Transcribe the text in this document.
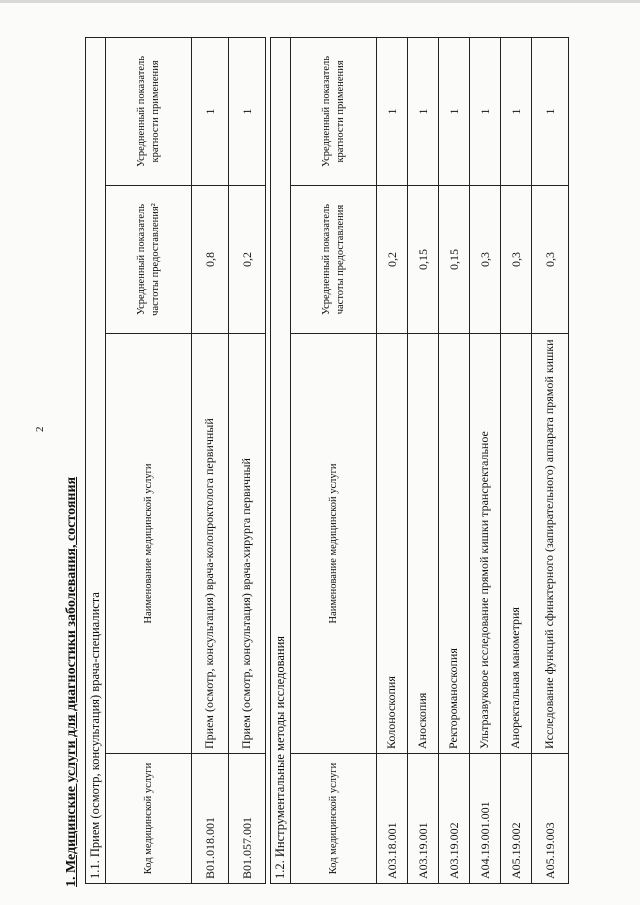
2
1. Медицинские услуги для диагностики заболевания, состояния 1.1. Прием (осмотр, консультация) врача-специалиста			
Код медицинской услуги	Наименование медицинской услуги	Усредненный показатель частоты предоставления²	Усредненный показатель кратности применения
B01.018.001	Прием (осмотр, консультация) врача-колопроктолога первичный	0,8	1
B01.057.001	Прием (осмотр, консультация) врача-хирурга первичный	0,2	1
1.2. Инструментальные методы исследования			
Код медицинской услуги	Наименование медицинской услуги	Усредненный показатель частоты предоставления	Усредненный показатель кратности применения
A03.18.001	Колоноскопия	0,2	1
A03.19.001	Аноскопия	0,15	1
A03.19.002	Ректороманоскопия	0,15	1
A04.19.001.001	Ультразвуковое исследование прямой кишки трансректальное	0,3	1
A05.19.002	Аноректальная манометрия	0,3	1
A05.19.003	Исследование функций сфинктерного (запирательного) аппарата прямой кишки	0,3	1
